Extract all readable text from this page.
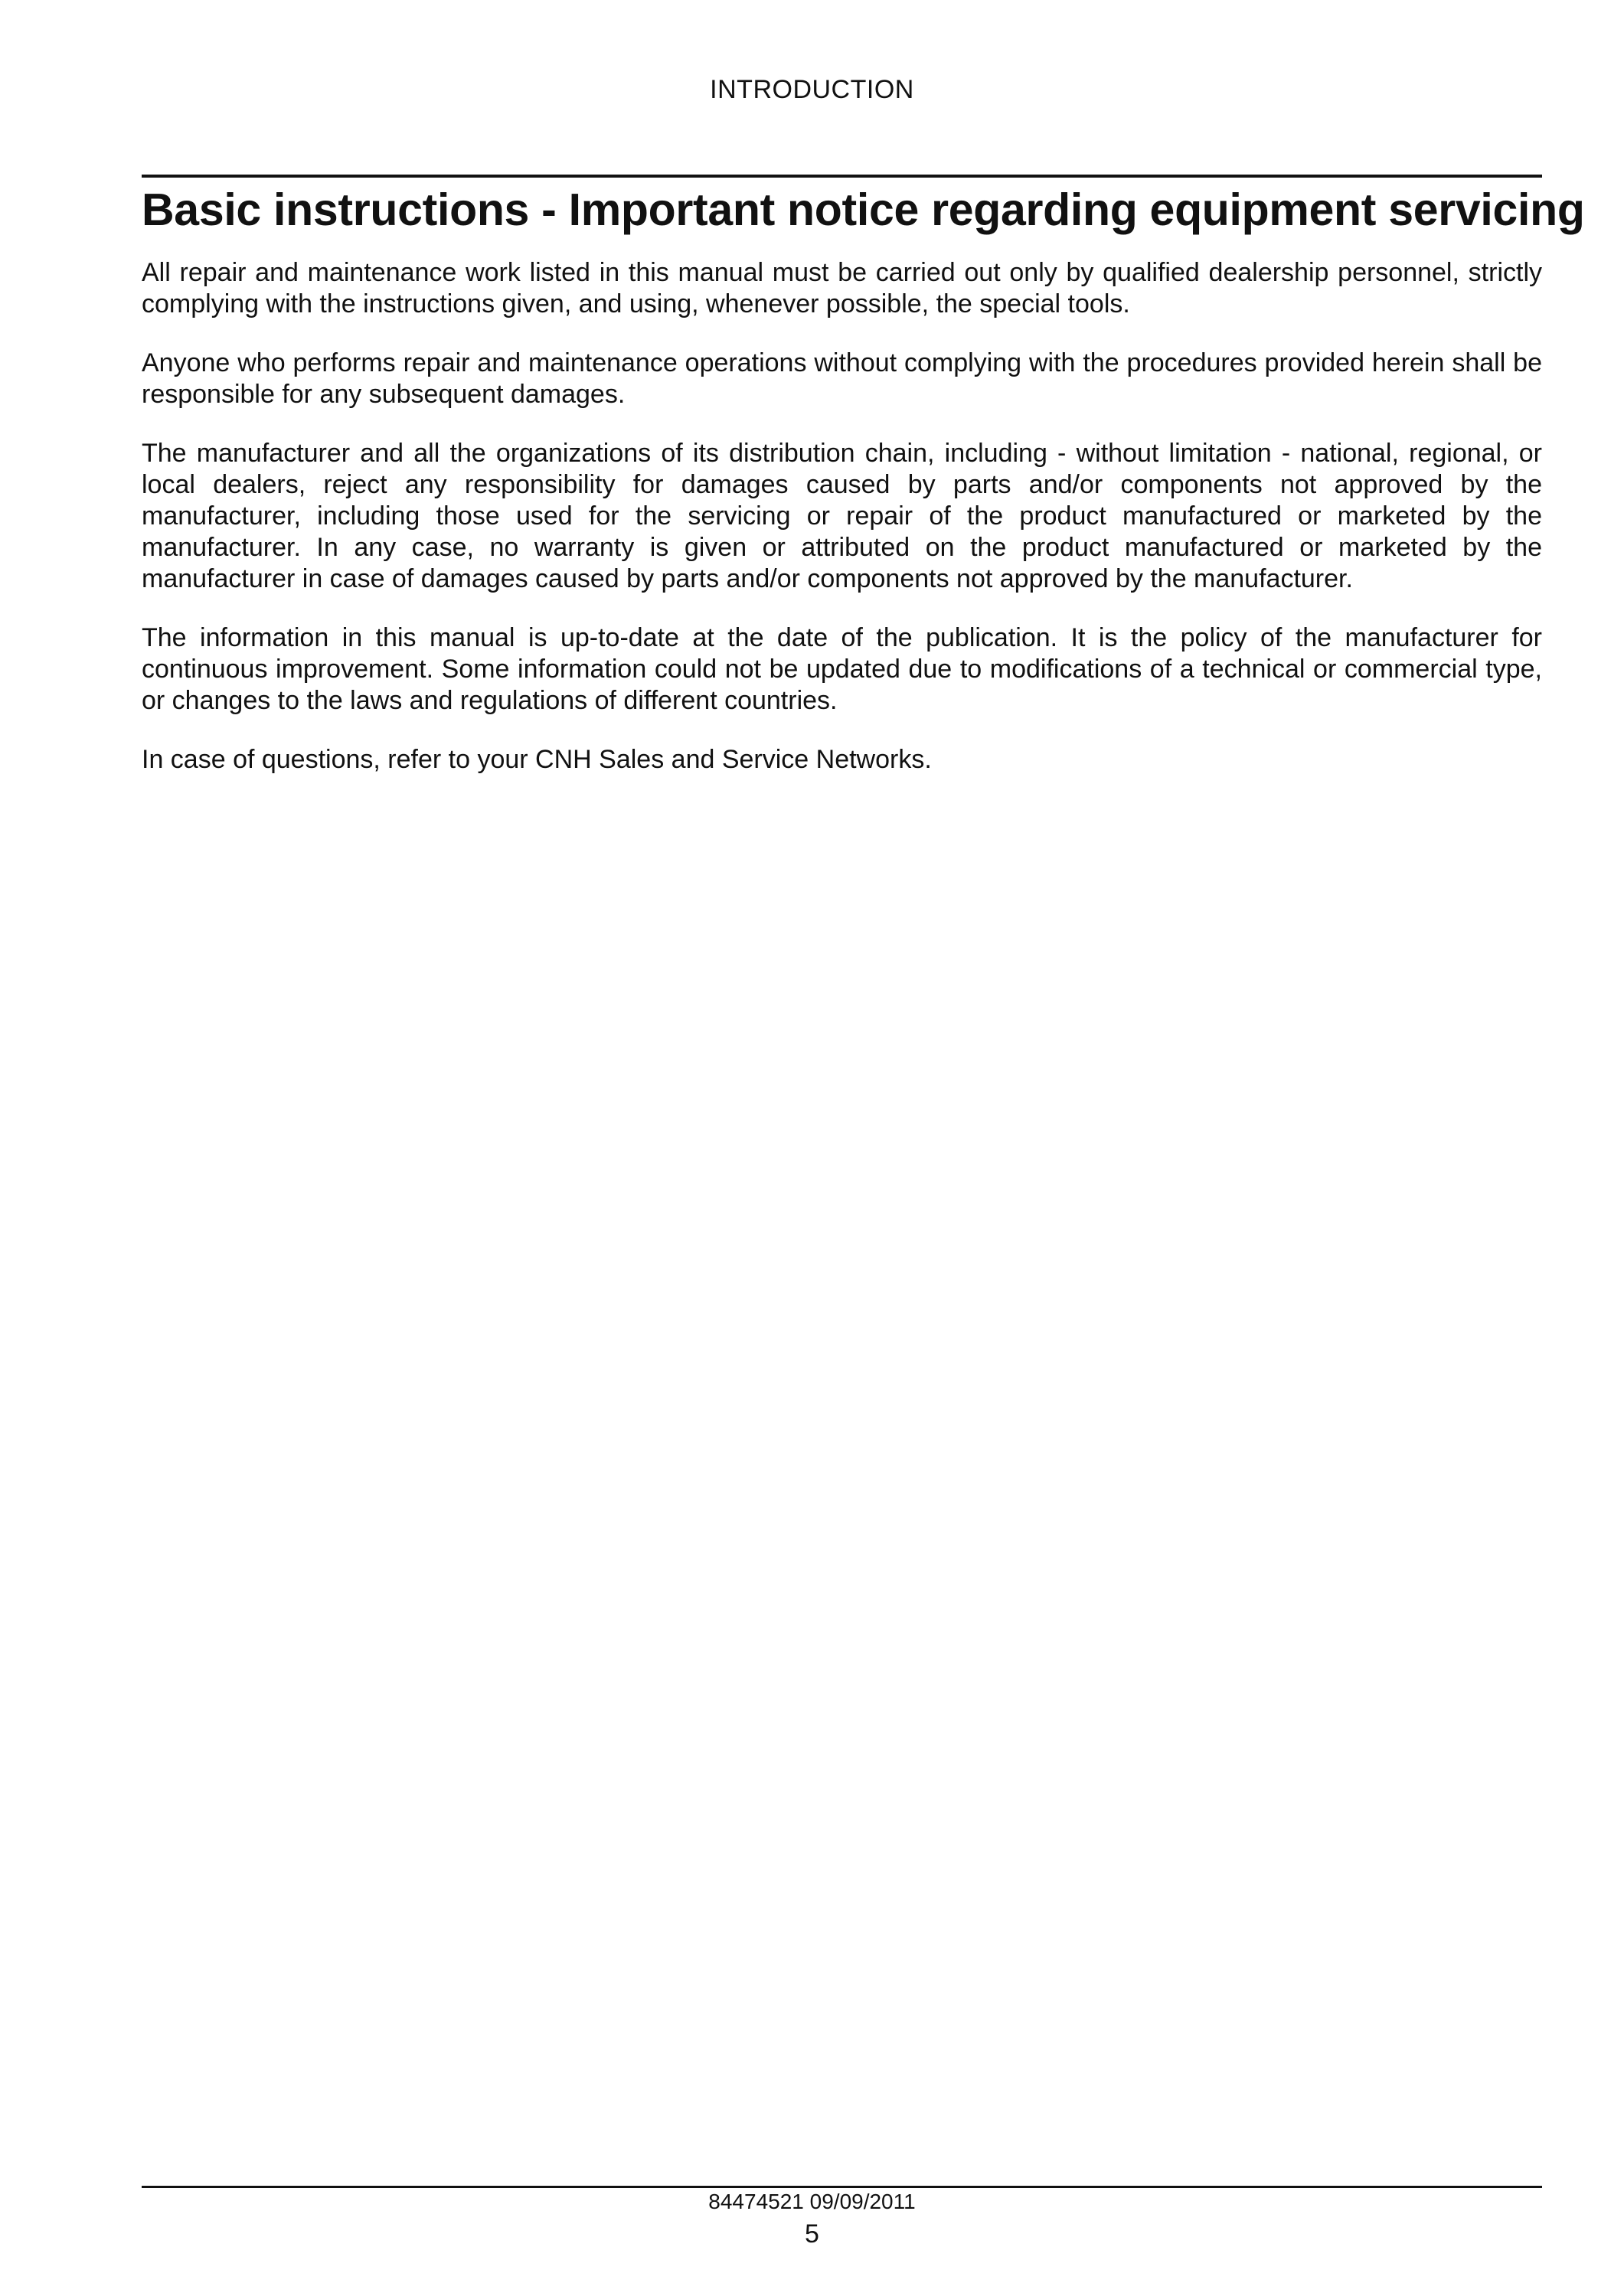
INTRODUCTION
Basic instructions - Important notice regarding equipment servicing

All repair and maintenance work listed in this manual must be carried out only by qualified dealership personnel, strictly complying with the instructions given, and using, whenever possible, the special tools.

Anyone who performs repair and maintenance operations without complying with the procedures provided herein shall be responsible for any subsequent damages.

The manufacturer and all the organizations of its distribution chain, including - without limitation - national, regional, or local dealers, reject any responsibility for damages caused by parts and/or components not approved by the manufacturer, including those used for the servicing or repair of the product manufactured or marketed by the manufacturer. In any case, no warranty is given or attributed on the product manufactured or marketed by the manufacturer in case of damages caused by parts and/or components not approved by the manufacturer.

The information in this manual is up-to-date at the date of the publication. It is the policy of the manufacturer for continuous improvement. Some information could not be updated due to modifications of a technical or commercial type, or changes to the laws and regulations of different countries.

In case of questions, refer to your CNH Sales and Service Networks.

84474521 09/09/2011
5
